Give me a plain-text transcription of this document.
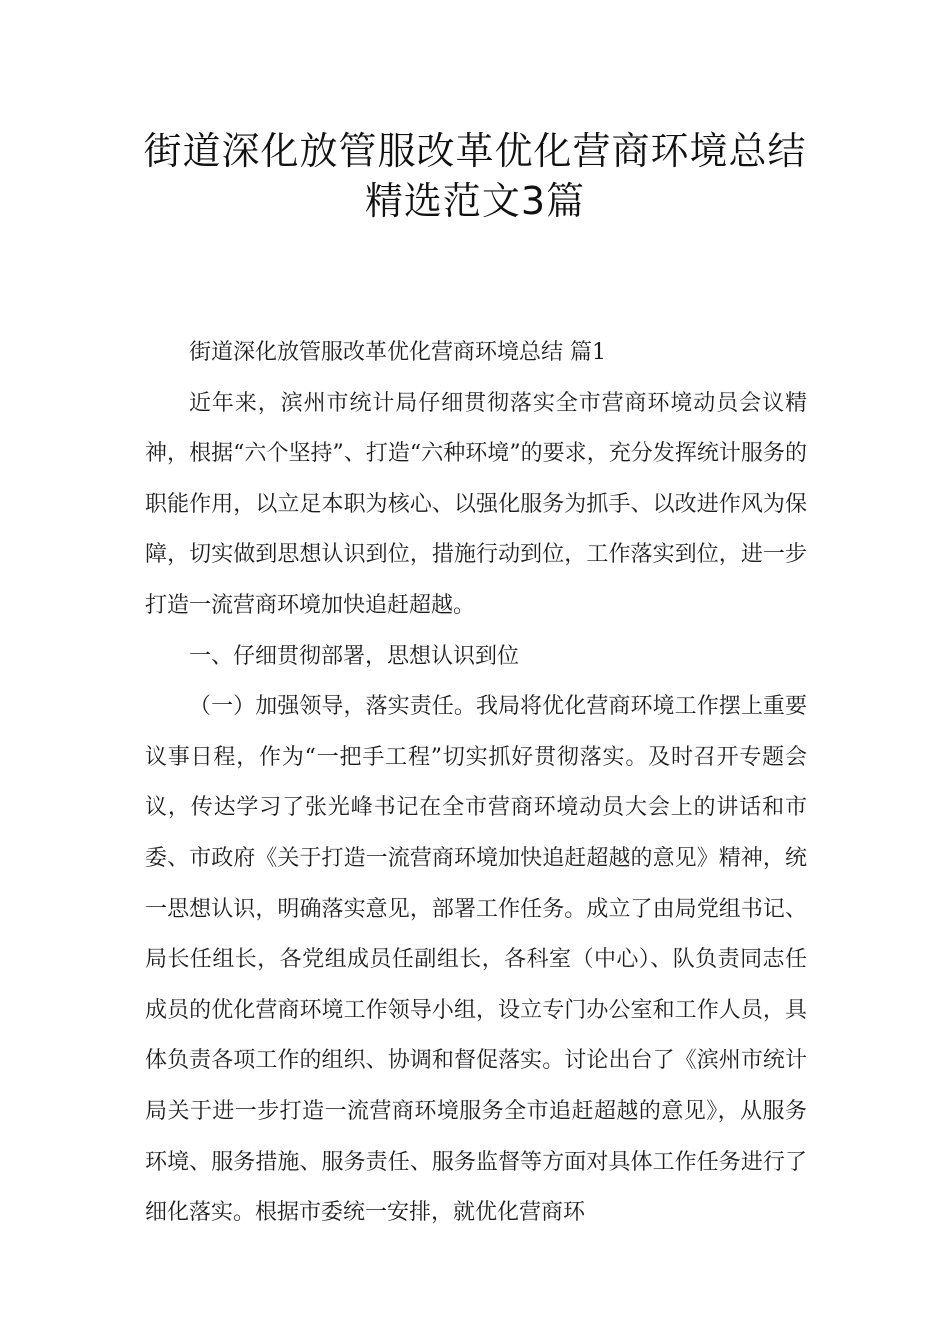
街道深化放管服改革优化营商环境总结
精选范文3篇

街道深化放管服改革优化营商环境总结 篇1

近年来，滨州市统计局仔细贯彻落实全市营商环境动员会议精神，根据“六个坚持”、打造“六种环境”的要求，充分发挥统计服务的职能作用，以立足本职为核心、以强化服务为抓手、以改进作风为保障，切实做到思想认识到位，措施行动到位，工作落实到位，进一步打造一流营商环境加快追赶超越。

一、仔细贯彻部署，思想认识到位

（一）加强领导，落实责任。我局将优化营商环境工作摆上重要议事日程，作为“一把手工程”切实抓好贯彻落实。及时召开专题会议，传达学习了张光峰书记在全市营商环境动员大会上的讲话和市委、市政府《关于打造一流营商环境加快追赶超越的意见》精神，统一思想认识，明确落实意见，部署工作任务。成立了由局党组书记、局长任组长，各党组成员任副组长，各科室（中心）、队负责同志任成员的优化营商环境工作领导小组，设立专门办公室和工作人员，具体负责各项工作的组织、协调和督促落实。讨论出台了《滨州市统计局关于进一步打造一流营商环境服务全市追赶超越的意见》，从服务环境、服务措施、服务责任、服务监督等方面对具体工作任务进行了细化落实。根据市委统一安排，就优化营商环
